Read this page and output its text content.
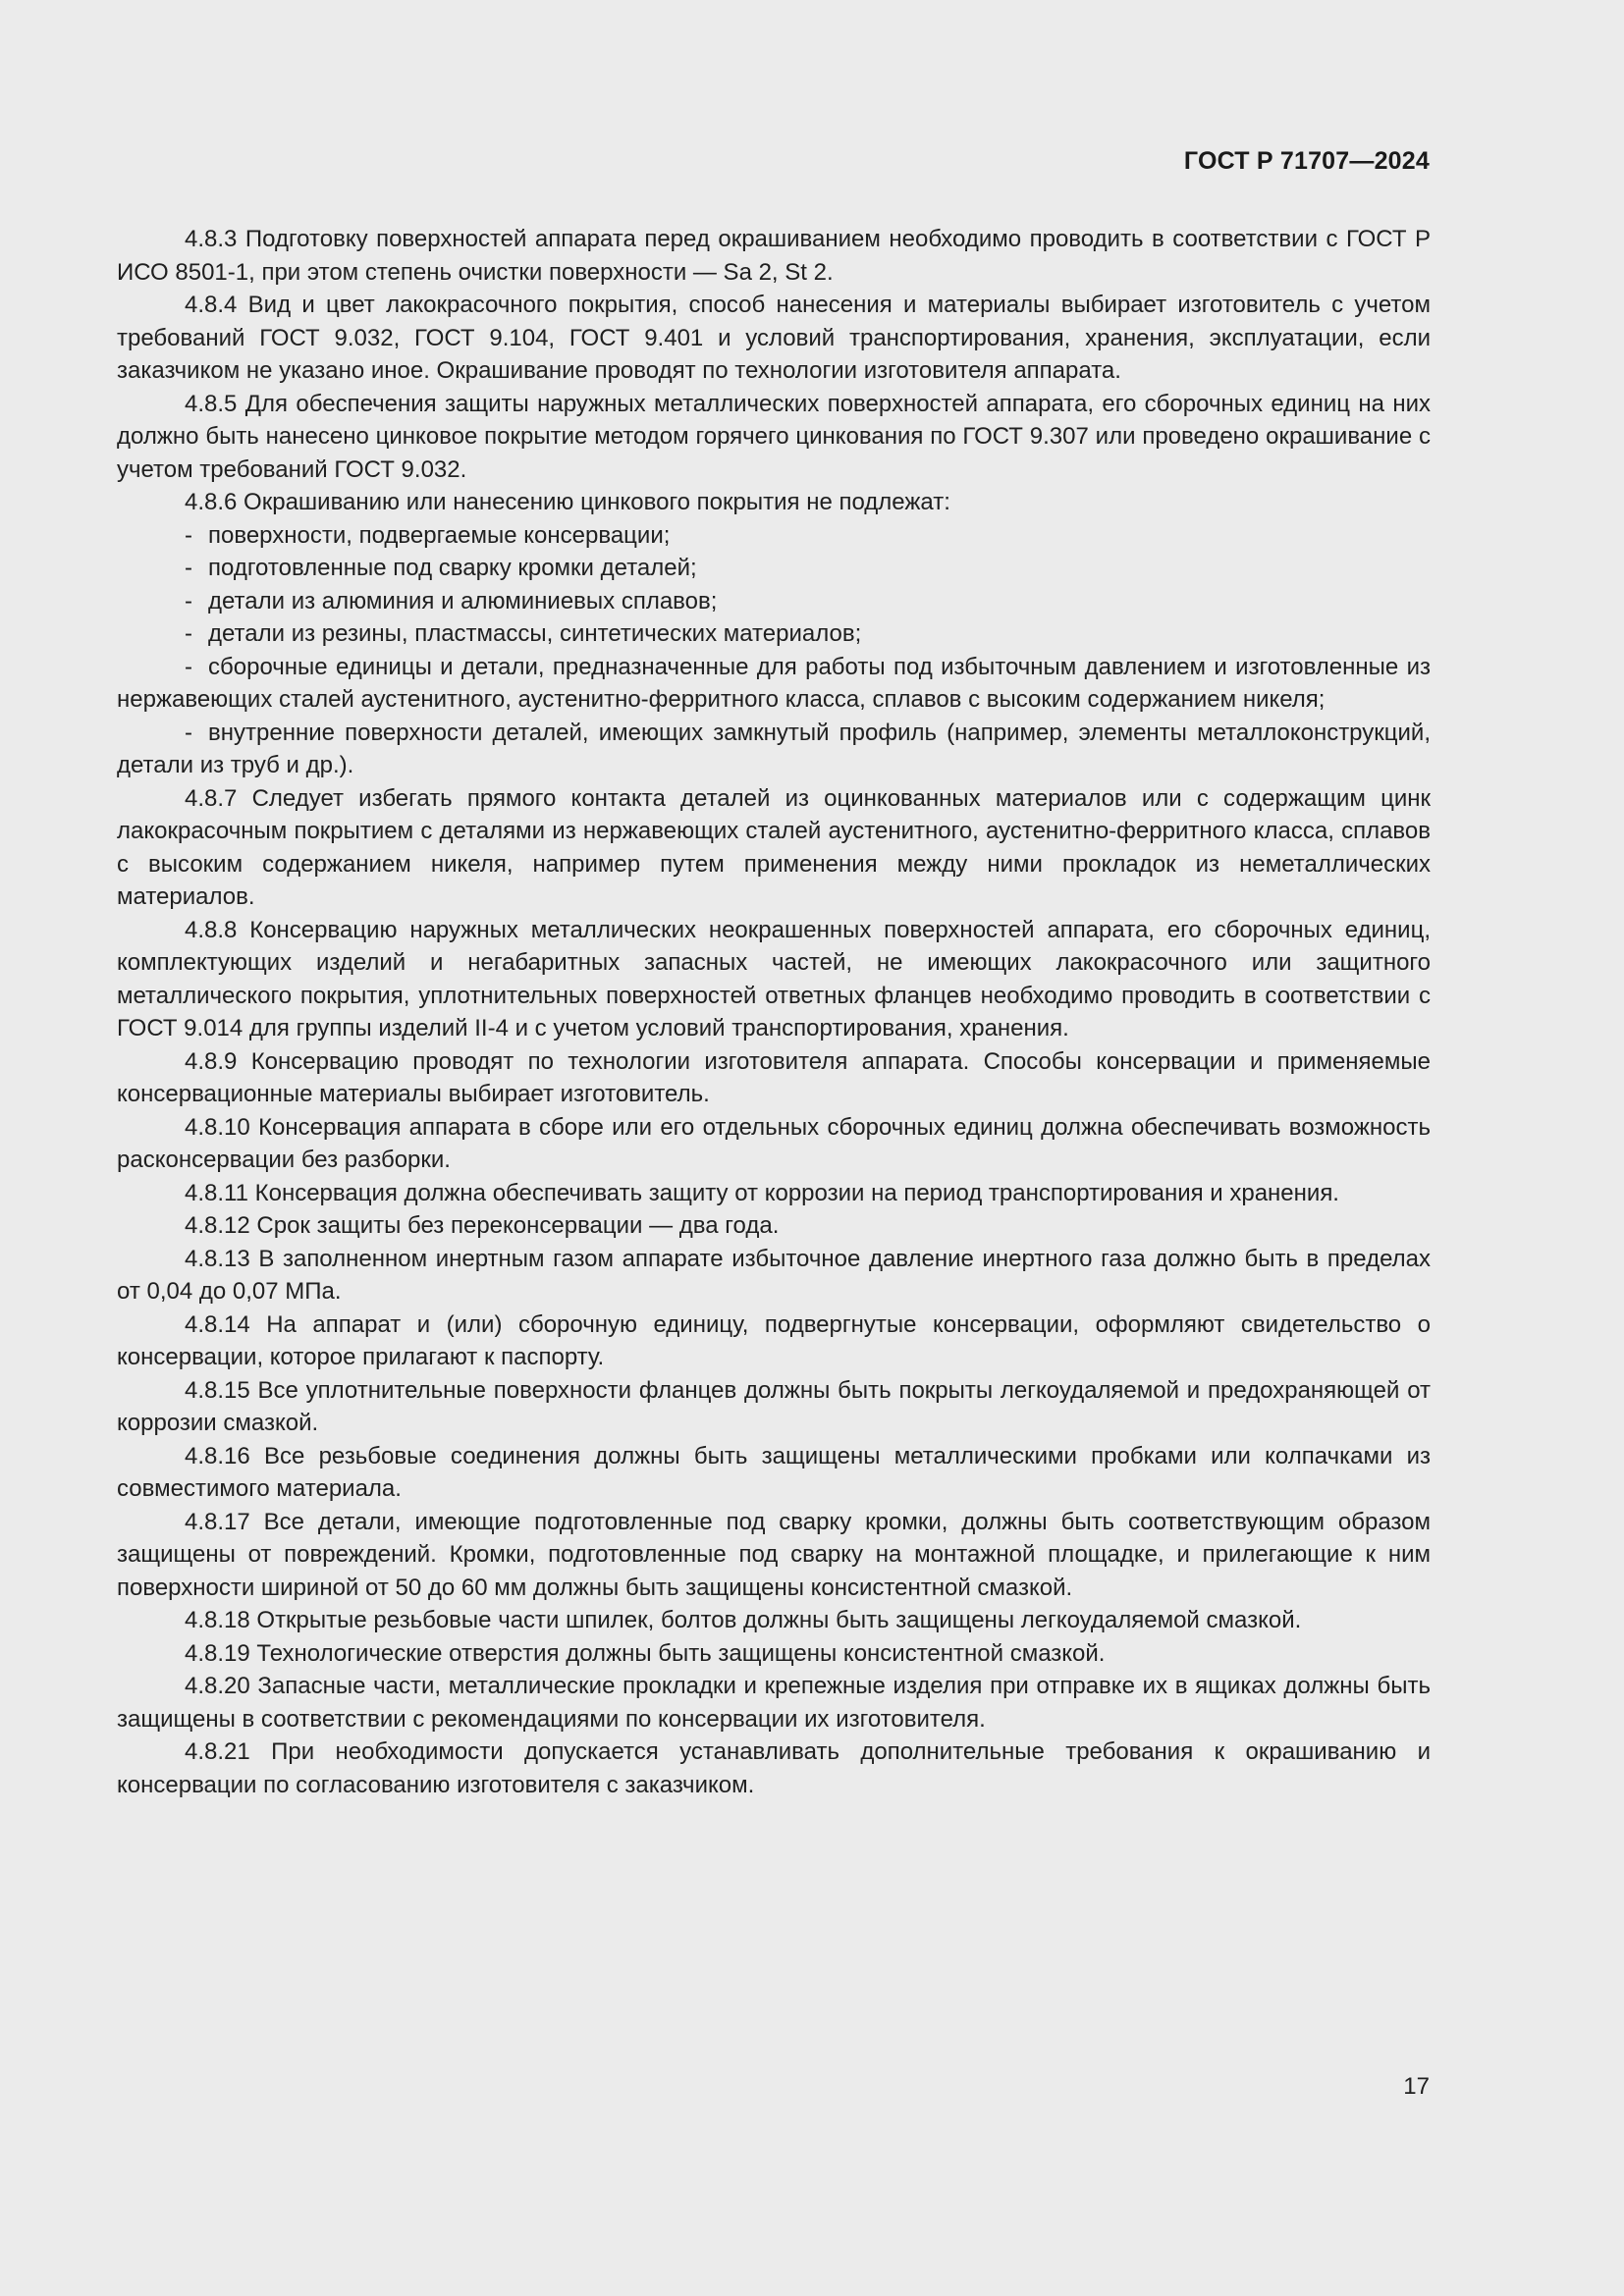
ГОСТ Р 71707—2024

4.8.3 Подготовку поверхностей аппарата перед окрашиванием необходимо проводить в соответствии с ГОСТ Р ИСО 8501-1, при этом степень очистки поверхности — Sa 2, St 2.

4.8.4 Вид и цвет лакокрасочного покрытия, способ нанесения и материалы выбирает изготовитель с учетом требований ГОСТ 9.032, ГОСТ 9.104, ГОСТ 9.401 и условий транспортирования, хранения, эксплуатации, если заказчиком не указано иное. Окрашивание проводят по технологии изготовителя аппарата.

4.8.5 Для обеспечения защиты наружных металлических поверхностей аппарата, его сборочных единиц на них должно быть нанесено цинковое покрытие методом горячего цинкования по ГОСТ 9.307 или проведено окрашивание с учетом требований ГОСТ 9.032.

4.8.6 Окрашиванию или нанесению цинкового покрытия не подлежат:

- поверхности, подвергаемые консервации;

- подготовленные под сварку кромки деталей;

- детали из алюминия и алюминиевых сплавов;

- детали из резины, пластмассы, синтетических материалов;

- сборочные единицы и детали, предназначенные для работы под избыточным давлением и изготовленные из нержавеющих сталей аустенитного, аустенитно-ферритного класса, сплавов с высоким содержанием никеля;

- внутренние поверхности деталей, имеющих замкнутый профиль (например, элементы металлоконструкций, детали из труб и др.).

4.8.7 Следует избегать прямого контакта деталей из оцинкованных материалов или с содержащим цинк лакокрасочным покрытием с деталями из нержавеющих сталей аустенитного, аустенитно-ферритного класса, сплавов с высоким содержанием никеля, например путем применения между ними прокладок из неметаллических материалов.

4.8.8 Консервацию наружных металлических неокрашенных поверхностей аппарата, его сборочных единиц, комплектующих изделий и негабаритных запасных частей, не имеющих лакокрасочного или защитного металлического покрытия, уплотнительных поверхностей ответных фланцев необходимо проводить в соответствии с ГОСТ 9.014 для группы изделий II-4 и с учетом условий транспортирования, хранения.

4.8.9 Консервацию проводят по технологии изготовителя аппарата. Способы консервации и применяемые консервационные материалы выбирает изготовитель.

4.8.10 Консервация аппарата в сборе или его отдельных сборочных единиц должна обеспечивать возможность расконсервации без разборки.

4.8.11 Консервация должна обеспечивать защиту от коррозии на период транспортирования и хранения.

4.8.12 Срок защиты без переконсервации — два года.

4.8.13 В заполненном инертным газом аппарате избыточное давление инертного газа должно быть в пределах от 0,04 до 0,07 МПа.

4.8.14 На аппарат и (или) сборочную единицу, подвергнутые консервации, оформляют свидетельство о консервации, которое прилагают к паспорту.

4.8.15 Все уплотнительные поверхности фланцев должны быть покрыты легкоудаляемой и предохраняющей от коррозии смазкой.

4.8.16 Все резьбовые соединения должны быть защищены металлическими пробками или колпачками из совместимого материала.

4.8.17 Все детали, имеющие подготовленные под сварку кромки, должны быть соответствующим образом защищены от повреждений. Кромки, подготовленные под сварку на монтажной площадке, и прилегающие к ним поверхности шириной от 50 до 60 мм должны быть защищены консистентной смазкой.

4.8.18 Открытые резьбовые части шпилек, болтов должны быть защищены легкоудаляемой смазкой.

4.8.19 Технологические отверстия должны быть защищены консистентной смазкой.

4.8.20 Запасные части, металлические прокладки и крепежные изделия при отправке их в ящиках должны быть защищены в соответствии с рекомендациями по консервации их изготовителя.

4.8.21 При необходимости допускается устанавливать дополнительные требования к окрашиванию и консервации по согласованию изготовителя с заказчиком.

17
